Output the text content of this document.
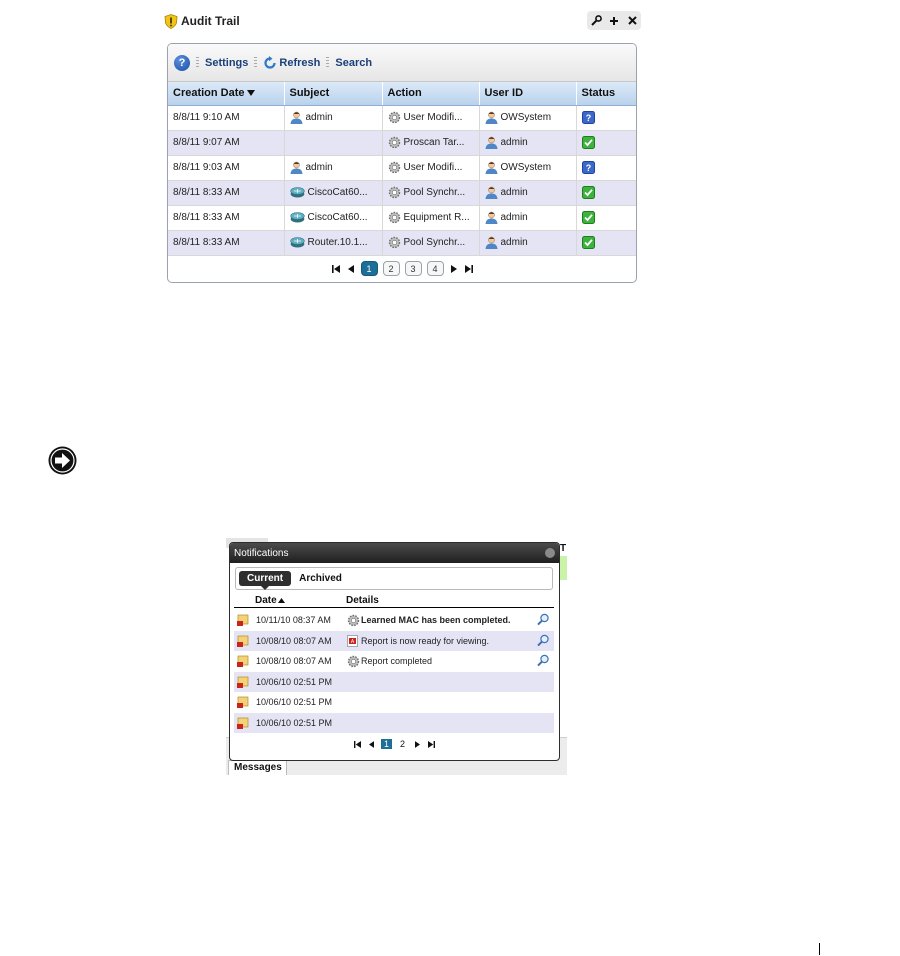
Audit Trail
?	Settings	Refresh Search
Creation Date	Subject	Action	User ID	Status
8/8/11 9:10 AM	admin	User Modifi...	OWSystem	?

8/8/11 9:07 AM		Proscan Tar...	admin

8/8/11 9:03 AM	admin	User Modifi...	OWSystem	?

8/8/11 8:33 AM	CiscoCat60...	Pool Synchr...	admin

8/8/11 8:33 AM	CiscoCat60...	Equipment R...	admin

8/8/11 8:33 AM	Router.10.1...	Pool Synchr...	admin

1	2	3	4
T
Messages
Notifications
Current	Archived
Date	Details
10/11/10 08:37 AM	Learned MAC has been completed.
10/08/10 08:07 AM	A Report is now ready for viewing.
10/08/10 08:07 AM	Report completed
10/06/10 02:51 PM
10/06/10 02:51 PM
10/06/10 02:51 PM
1	2
